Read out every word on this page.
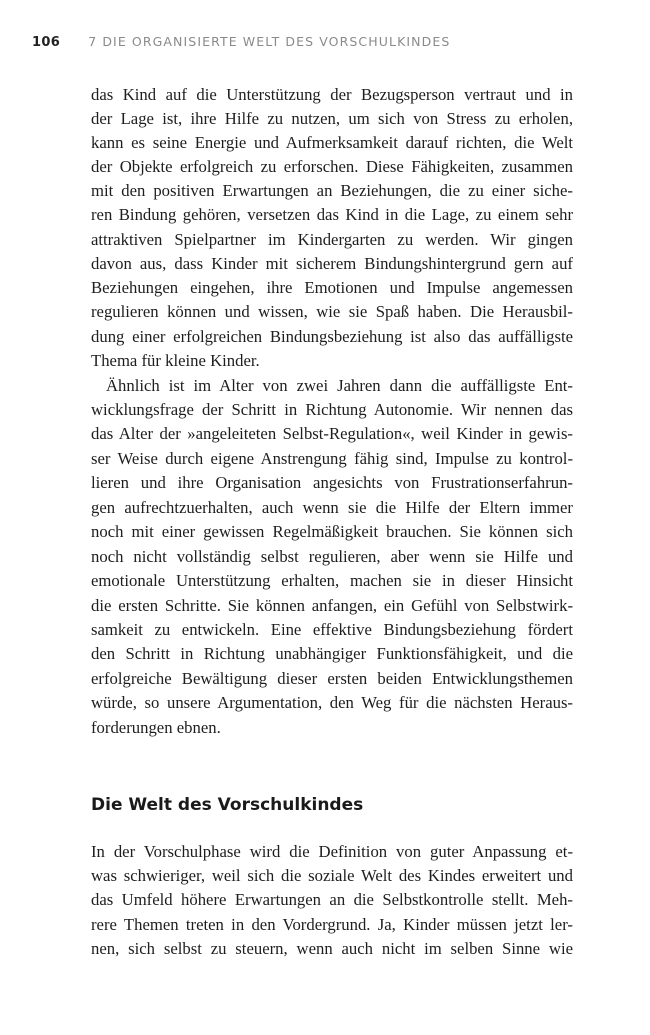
106 7 DIE ORGANISIERTE WELT DES VORSCHULKINDES
das Kind auf die Unterstützung der Bezugsperson vertraut und in
der Lage ist, ihre Hilfe zu nutzen, um sich von Stress zu erholen,
kann es seine Energie und Aufmerksamkeit darauf richten, die Welt
der Objekte erfolgreich zu erforschen. Diese Fähigkeiten, zusammen
mit den positiven Erwartungen an Beziehungen, die zu einer siche-
ren Bindung gehören, versetzen das Kind in die Lage, zu einem sehr
attraktiven Spielpartner im Kindergarten zu werden. Wir gingen
davon aus, dass Kinder mit sicherem Bindungshintergrund gern auf
Beziehungen eingehen, ihre Emotionen und Impulse angemessen
regulieren können und wissen, wie sie Spaß haben. Die Herausbil-
dung einer erfolgreichen Bindungsbeziehung ist also das auffälligste
Thema für kleine Kinder.
Ähnlich ist im Alter von zwei Jahren dann die auffälligste Ent-
wicklungsfrage der Schritt in Richtung Autonomie. Wir nennen das
das Alter der »angeleiteten Selbst-Regulation«, weil Kinder in gewis-
ser Weise durch eigene Anstrengung fähig sind, Impulse zu kontrol-
lieren und ihre Organisation angesichts von Frustrationserfahrun-
gen aufrechtzuerhalten, auch wenn sie die Hilfe der Eltern immer
noch mit einer gewissen Regelmäßigkeit brauchen. Sie können sich
noch nicht vollständig selbst regulieren, aber wenn sie Hilfe und
emotionale Unterstützung erhalten, machen sie in dieser Hinsicht
die ersten Schritte. Sie können anfangen, ein Gefühl von Selbstwirk-
samkeit zu entwickeln. Eine effektive Bindungsbeziehung fördert
den Schritt in Richtung unabhängiger Funktionsfähigkeit, und die
erfolgreiche Bewältigung dieser ersten beiden Entwicklungsthemen
würde, so unsere Argumentation, den Weg für die nächsten Heraus-
forderungen ebnen.
Die Welt des Vorschulkindes
In der Vorschulphase wird die Definition von guter Anpassung et-
was schwieriger, weil sich die soziale Welt des Kindes erweitert und
das Umfeld höhere Erwartungen an die Selbstkontrolle stellt. Meh-
rere Themen treten in den Vordergrund. Ja, Kinder müssen jetzt ler-
nen, sich selbst zu steuern, wenn auch nicht im selben Sinne wie
